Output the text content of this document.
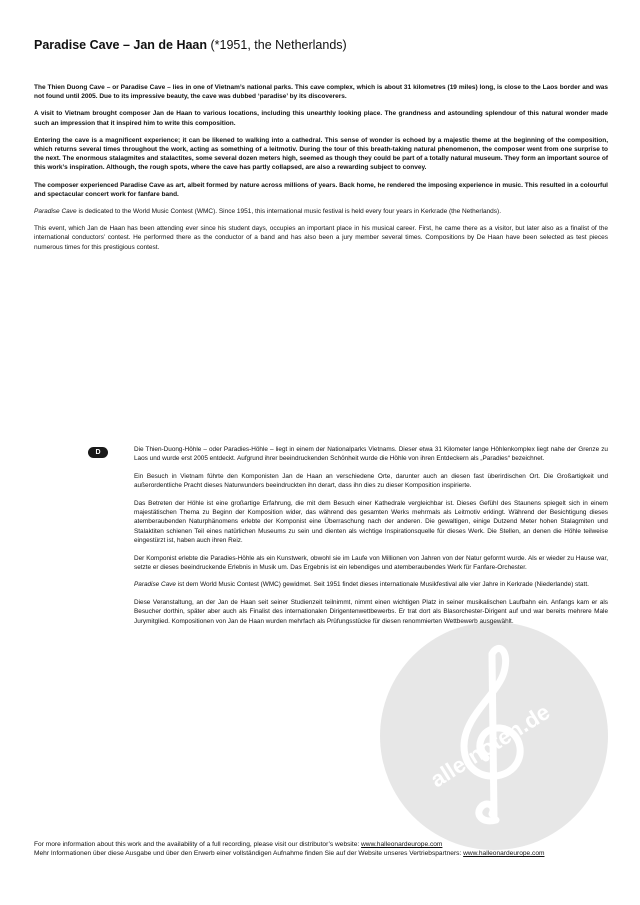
Paradise Cave – Jan de Haan (*1951, the Netherlands)

The Thien Duong Cave – or Paradise Cave – lies in one of Vietnam’s national parks. This cave complex, which is about 31 kilometres (19 miles) long, is close to the Laos border and was not found until 2005. Due to its impressive beauty, the cave was dubbed ‘paradise’ by its discoverers.

A visit to Vietnam brought composer Jan de Haan to various locations, including this unearthly looking place. The grandness and astounding splendour of this natural wonder made such an impression that it inspired him to write this composition.

Entering the cave is a magnificent experience; it can be likened to walking into a cathedral. This sense of wonder is echoed by a majestic theme at the beginning of the composition, which returns several times throughout the work, acting as something of a leitmotiv. During the tour of this breath-taking natural phenomenon, the composer went from one surprise to the next. The enormous stalagmites and stalactites, some several dozen meters high, seemed as though they could be part of a totally natural museum. They form an important source of this work’s inspiration. Although, the rough spots, where the cave has partly collapsed, are also a rewarding subject to convey.

The composer experienced Paradise Cave as art, albeit formed by nature across millions of years. Back home, he rendered the imposing experience in music. This resulted in a colourful and spectacular concert work for fanfare band.

Paradise Cave is dedicated to the World Music Contest (WMC). Since 1951, this international music festival is held every four years in Kerkrade (the Netherlands).

This event, which Jan de Haan has been attending ever since his student days, occupies an important place in his musical career. First, he came there as a visitor, but later also as a finalist of the international conductors’ contest. He performed there as the conductor of a band and has also been a jury member several times. Compositions by De Haan have been selected as test pieces numerous times for this prestigious contest.

D
alle-noten.de

Die Thien-Duong-Höhle – oder Paradies-Höhle – liegt in einem der Nationalparks Vietnams. Dieser etwa 31 Kilometer lange Höhlenkomplex liegt nahe der Grenze zu Laos und wurde erst 2005 entdeckt. Aufgrund ihrer beeindruckenden Schönheit wurde die Höhle von ihren Entdeckern als „Paradies“ bezeichnet.

Ein Besuch in Vietnam führte den Komponisten Jan de Haan an verschiedene Orte, darunter auch an diesen fast überirdischen Ort. Die Großartigkeit und außerordentliche Pracht dieses Naturwunders beeindruckten ihn derart, dass ihn dies zu dieser Komposition inspirierte.

Das Betreten der Höhle ist eine großartige Erfahrung, die mit dem Besuch einer Kathedrale vergleichbar ist. Dieses Gefühl des Staunens spiegelt sich in einem majestätischen Thema zu Beginn der Komposition wider, das während des gesamten Werks mehrmals als Leitmotiv erklingt. Während der Besichtigung dieses atemberaubenden Naturphänomens erlebte der Komponist eine Überraschung nach der anderen. Die gewaltigen, einige Dutzend Meter hohen Stalagmiten und Stalaktiten schienen Teil eines natürlichen Museums zu sein und dienten als wichtige Inspirationsquelle für dieses Werk. Die Stellen, an denen die Höhle teilweise eingestürzt ist, haben auch ihren Reiz.

Der Komponist erlebte die Paradies-Höhle als ein Kunstwerk, obwohl sie im Laufe von Millionen von Jahren von der Natur geformt wurde. Als er wieder zu Hause war, setzte er dieses beeindruckende Erlebnis in Musik um. Das Ergebnis ist ein lebendiges und atemberaubendes Werk für Fanfare-Orchester.

Paradise Cave ist dem World Music Contest (WMC) gewidmet. Seit 1951 findet dieses internationale Musikfestival alle vier Jahre in Kerkrade (Niederlande) statt.

Diese Veranstaltung, an der Jan de Haan seit seiner Studienzeit teilnimmt, nimmt einen wichtigen Platz in seiner musikalischen Laufbahn ein. Anfangs kam er als Besucher dorthin, später aber auch als Finalist des internationalen Dirigentenwettbewerbs. Er trat dort als Blasorchester-Dirigent auf und war bereits mehrere Male Jurymitglied. Kompositionen von Jan de Haan wurden mehrfach als Prüfungsstücke für diesen renommierten Wettbewerb ausgewählt.

For more information about this work and the availability of a full recording, please visit our distributor’s website: www.halleonardeurope.com
Mehr Informationen über diese Ausgabe und über den Erwerb einer vollständigen Aufnahme finden Sie auf der Website unseres Vertriebspartners: www.halleonardeurope.com
